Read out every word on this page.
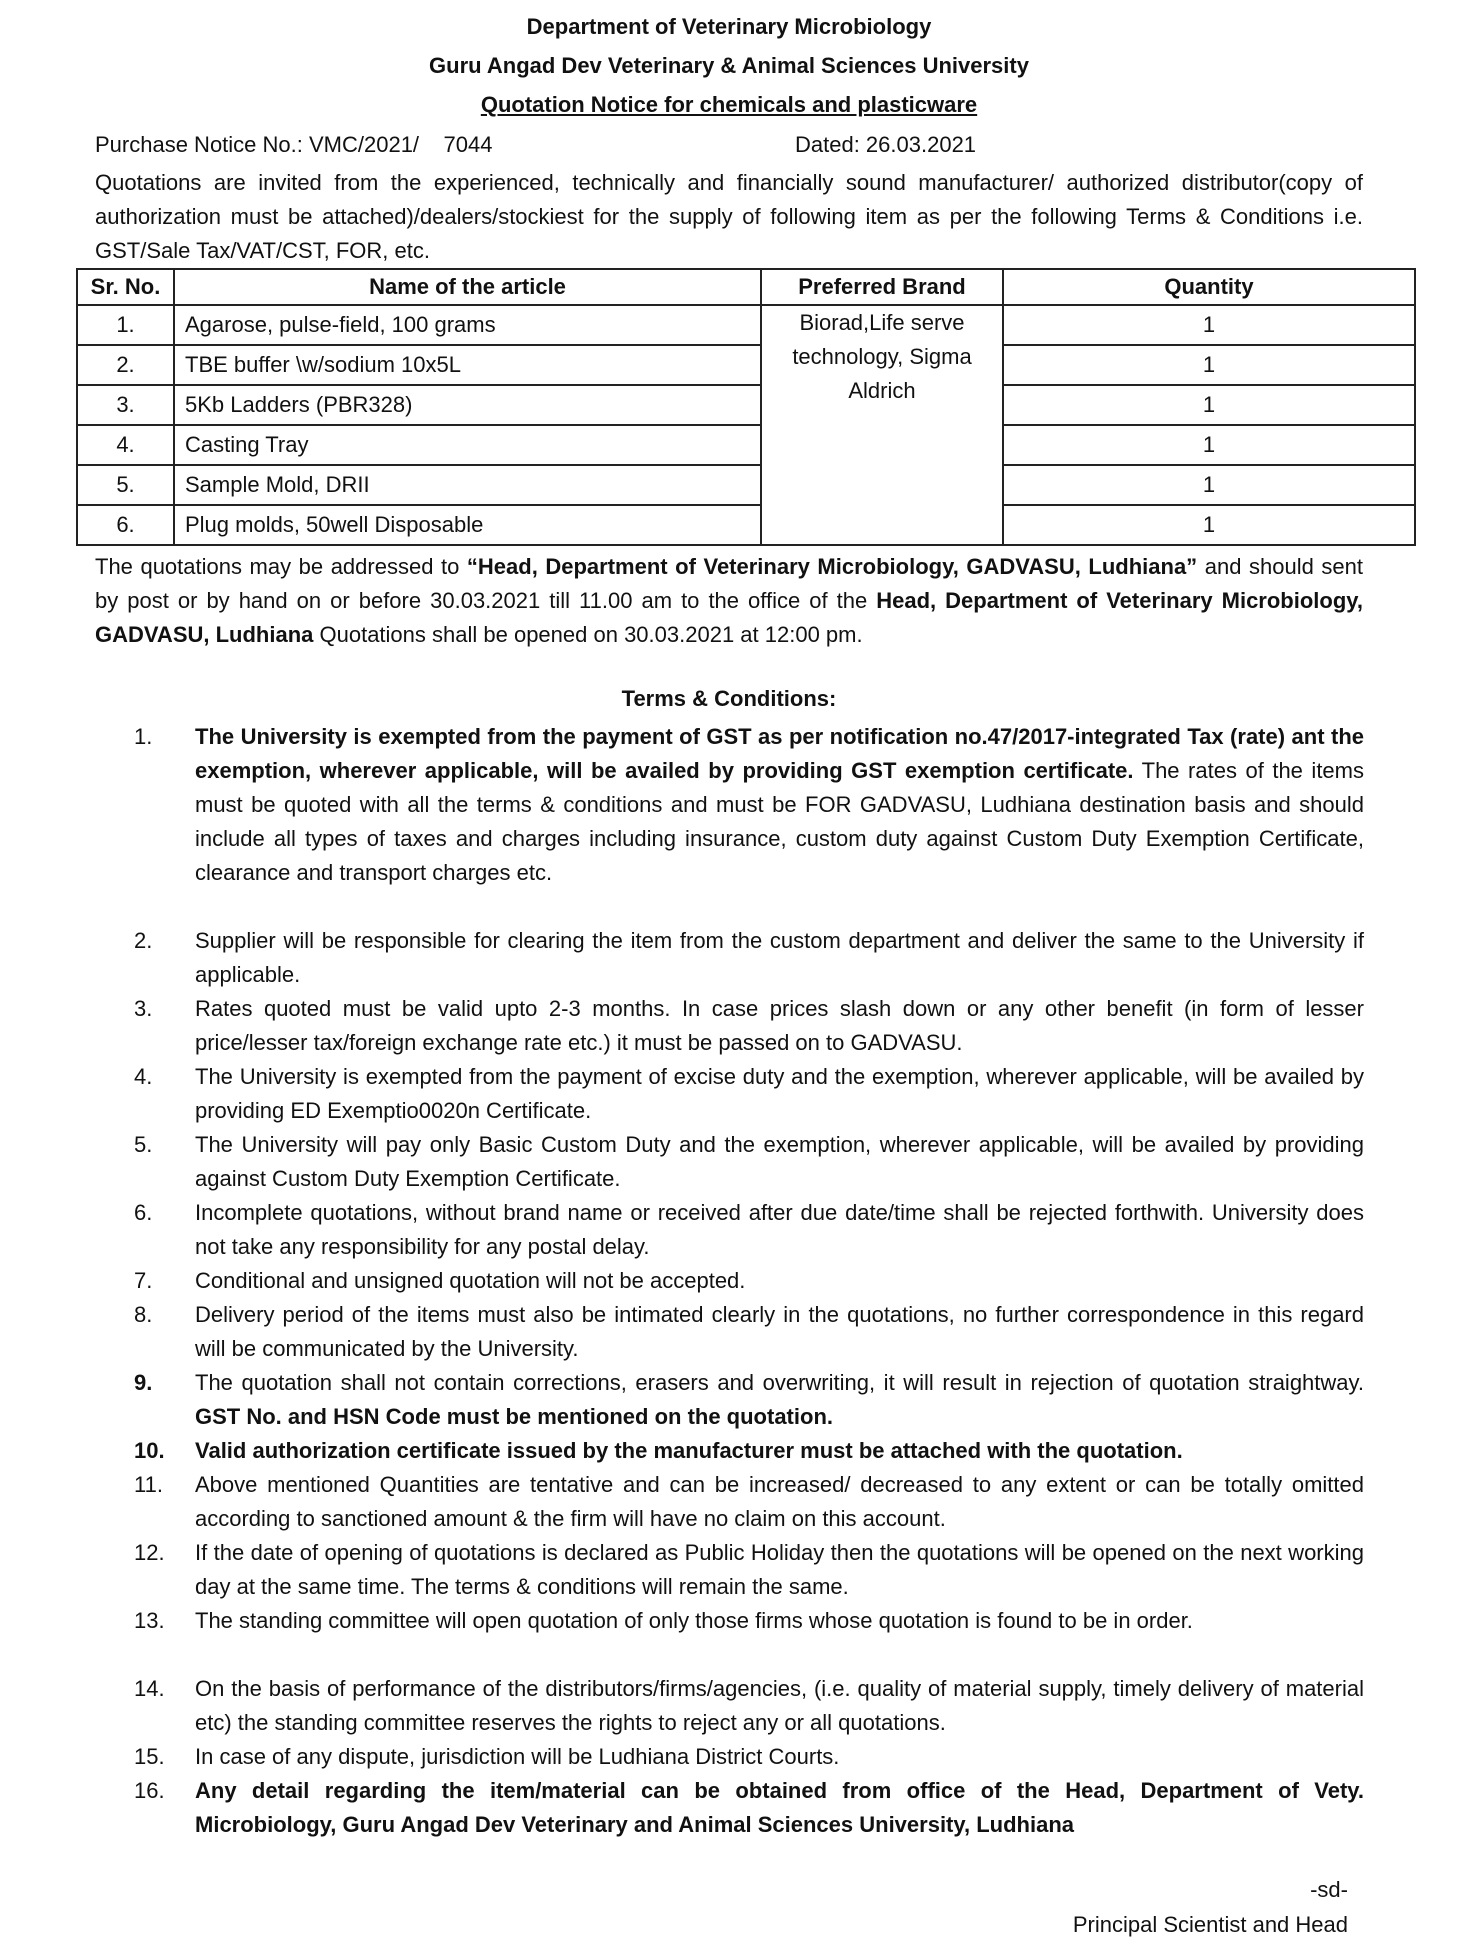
Department of Veterinary Microbiology
Guru Angad Dev Veterinary & Animal Sciences University
Quotation Notice for chemicals and plasticware
Purchase Notice No.: VMC/2021/    7044	Dated: 26.03.2021
Quotations are invited from the experienced, technically and financially sound manufacturer/ authorized distributor(copy of authorization must be attached)/dealers/stockiest for the supply of following item as per the following Terms & Conditions i.e. GST/Sale Tax/VAT/CST, FOR, etc.
Sr. No.	Name of the article	Preferred Brand	Quantity
1.	Agarose, pulse-field, 100 grams	Biorad,Life serve technology, Sigma Aldrich	1
2.	TBE buffer \w/sodium 10x5L		1
3.	5Kb Ladders (PBR328)		1
4.	Casting Tray		1
5.	Sample Mold, DRII		1
6.	Plug molds, 50well Disposable		1
The quotations may be addressed to “Head, Department of Veterinary Microbiology, GADVASU, Ludhiana” and should sent by post or by hand on or before 30.03.2021 till 11.00 am to the office of the Head, Department of Veterinary Microbiology, GADVASU, Ludhiana Quotations shall be opened on 30.03.2021 at 12:00 pm.
Terms & Conditions:
1.	The University is exempted from the payment of GST as per notification no.47/2017-integrated Tax (rate) ant the exemption, wherever applicable, will be availed by providing GST exemption certificate. The rates of the items must be quoted with all the terms & conditions and must be FOR GADVASU, Ludhiana destination basis and should include all types of taxes and charges including insurance, custom duty against Custom Duty Exemption Certificate, clearance and transport charges etc.
2.	Supplier will be responsible for clearing the item from the custom department and deliver the same to the University if applicable.
3.	Rates quoted must be valid upto 2-3 months. In case prices slash down or any other benefit (in form of lesser price/lesser tax/foreign exchange rate etc.) it must be passed on to GADVASU.
4.	The University is exempted from the payment of excise duty and the exemption, wherever applicable, will be availed by providing ED Exemptio0020n Certificate.
5.	The University will pay only Basic Custom Duty and the exemption, wherever applicable, will be availed by providing against Custom Duty Exemption Certificate.
6.	Incomplete quotations, without brand name or received after due date/time shall be rejected forthwith. University does not take any responsibility for any postal delay.
7.	Conditional and unsigned quotation will not be accepted.
8.	Delivery period of the items must also be intimated clearly in the quotations, no further correspondence in this regard will be communicated by the University.
9.	The quotation shall not contain corrections, erasers and overwriting, it will result in rejection of quotation straightway. GST No. and HSN Code must be mentioned on the quotation.
10.	Valid authorization certificate issued by the manufacturer must be attached with the quotation.
11.	Above mentioned Quantities are tentative and can be increased/ decreased to any extent or can be totally omitted according to sanctioned amount & the firm will have no claim on this account.
12.	If the date of opening of quotations is declared as Public Holiday then the quotations will be opened on the next working day at the same time. The terms & conditions will remain the same.
13.	The standing committee will open quotation of only those firms whose quotation is found to be in order.
14.	On the basis of performance of the distributors/firms/agencies, (i.e. quality of material supply, timely delivery of material etc) the standing committee reserves the rights to reject any or all quotations.
15.	In case of any dispute, jurisdiction will be Ludhiana District Courts.
16.	Any detail regarding the item/material can be obtained from office of the Head, Department of Vety. Microbiology, Guru Angad Dev Veterinary and Animal Sciences University, Ludhiana
-sd-
Principal Scientist and Head
